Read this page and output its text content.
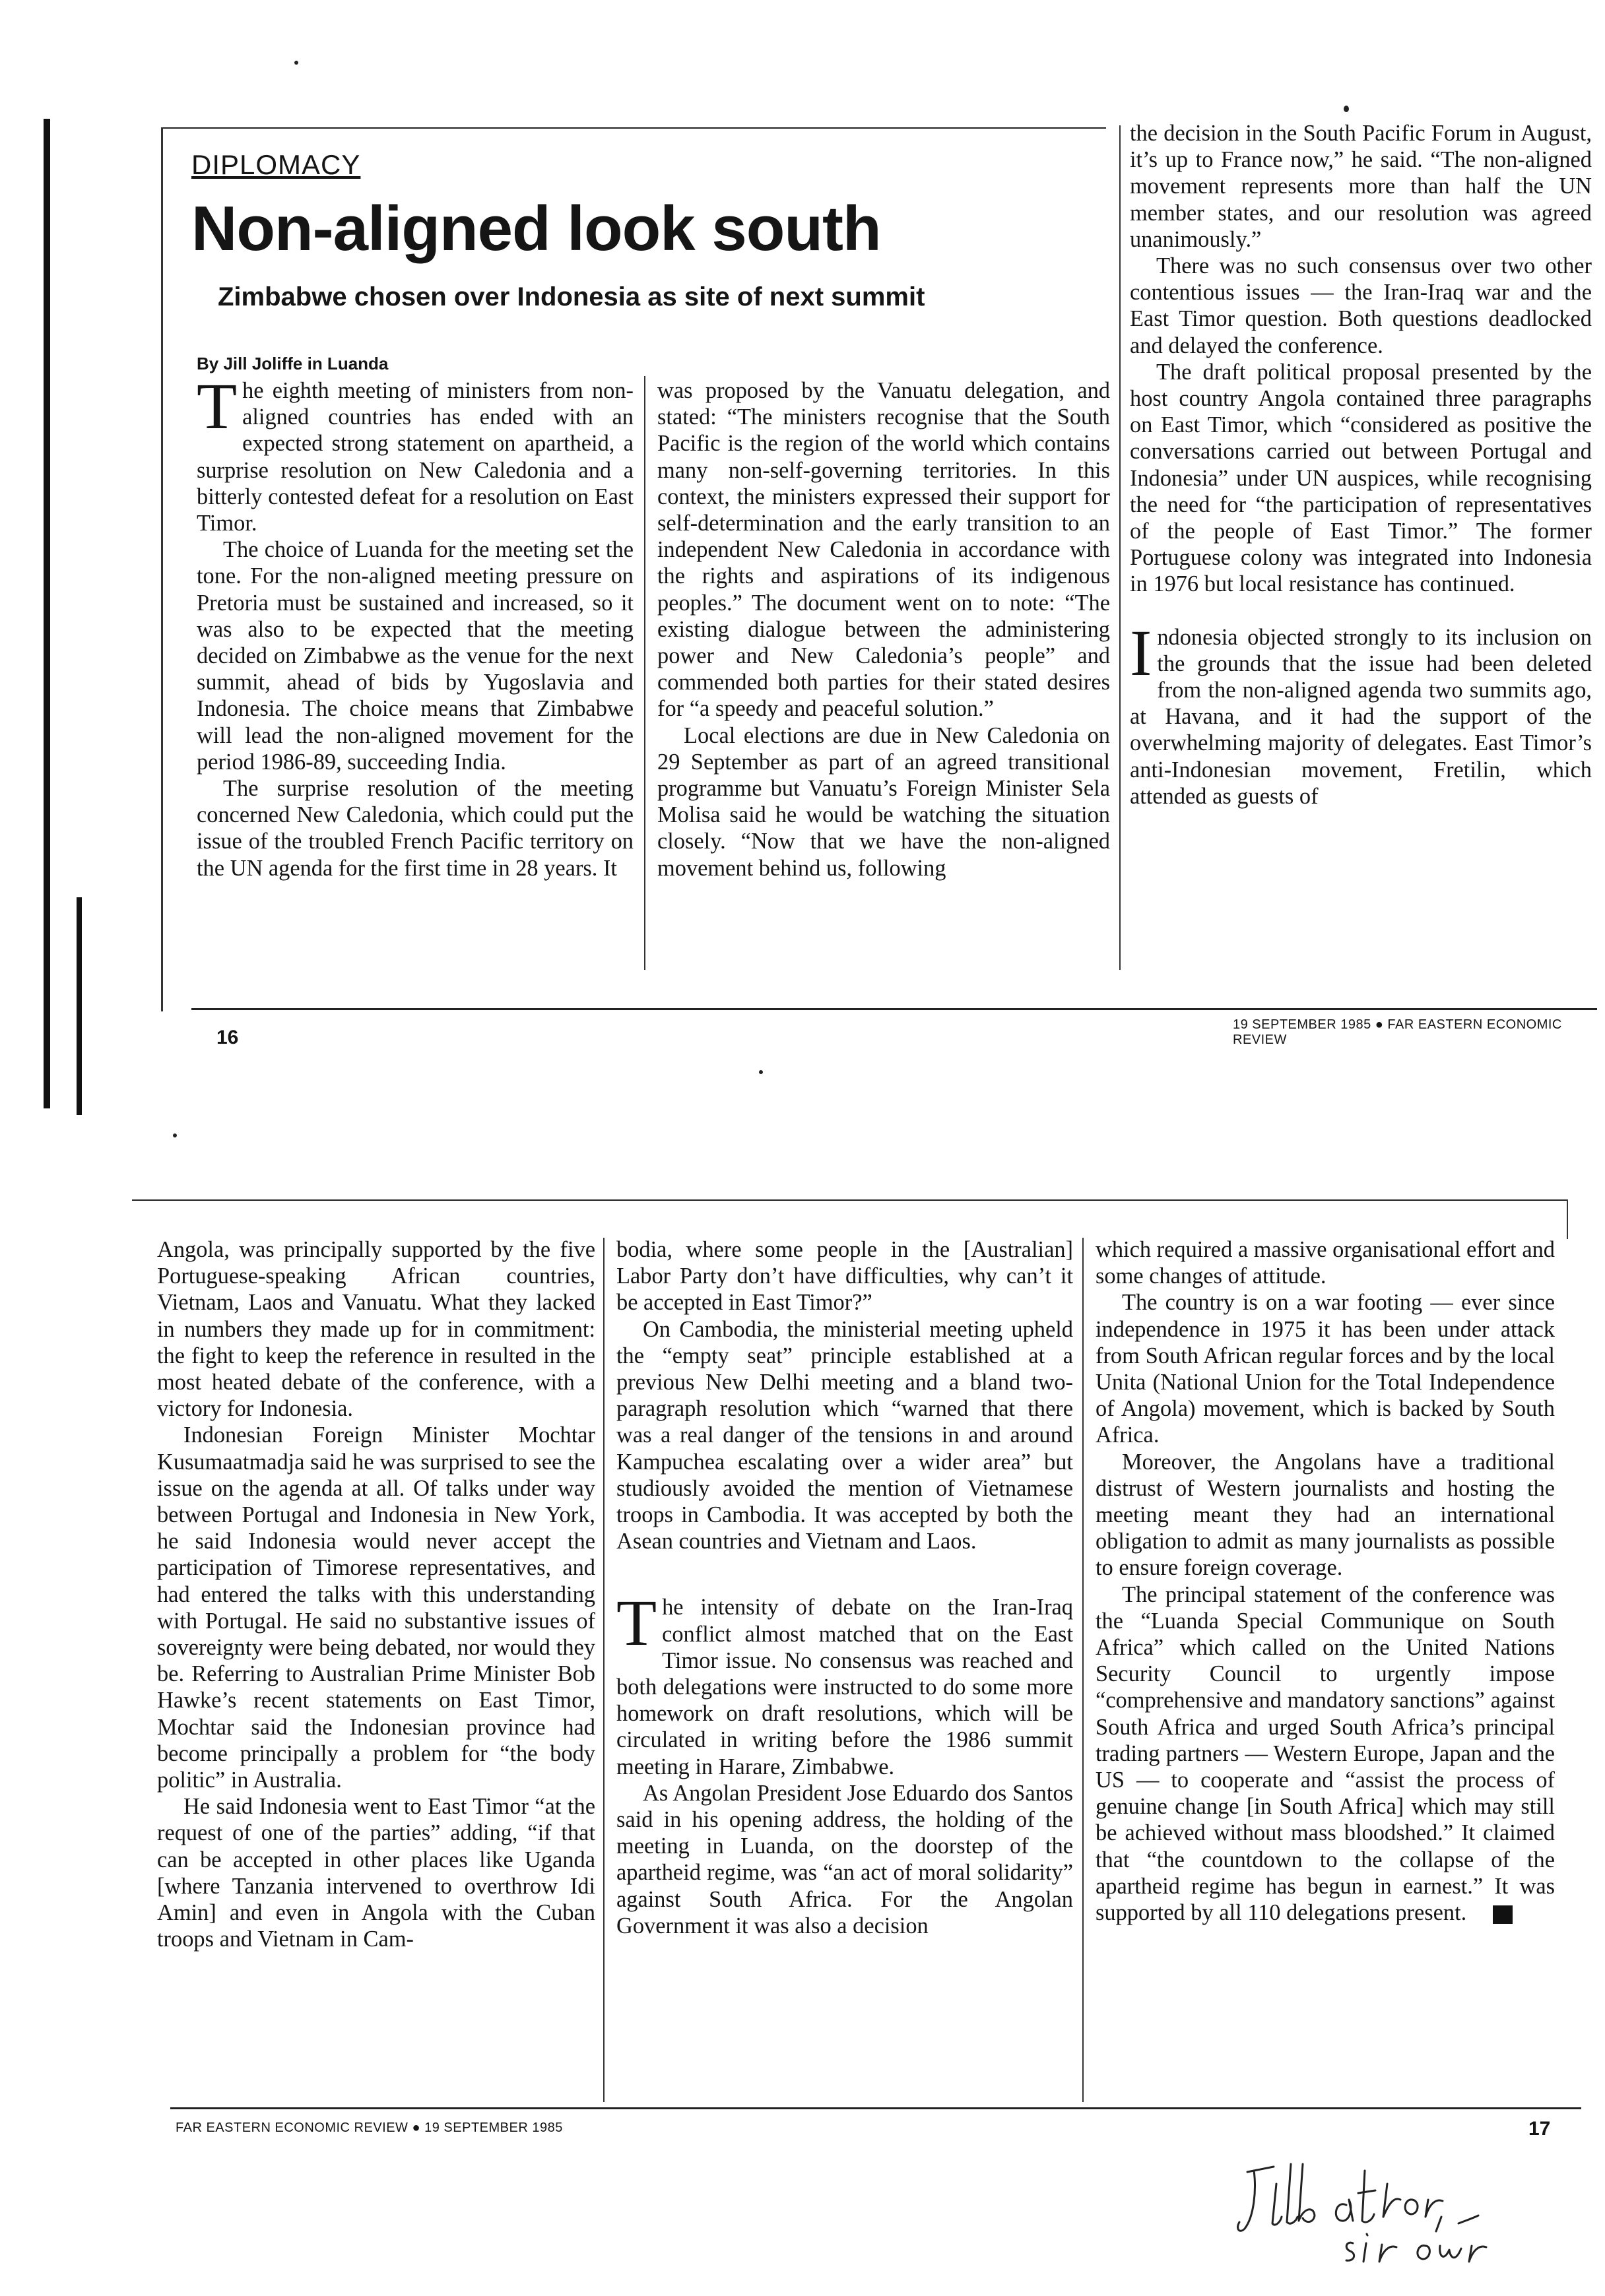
DIPLOMACY
Non-aligned look south
Zimbabwe chosen over Indonesia as site of next summit
By Jill Joliffe in Luanda

The eighth meeting of ministers from non-aligned countries has ended with an expected strong statement on apartheid, a surprise resolution on New Caledonia and a bitterly contested defeat for a resolution on East Timor.

The choice of Luanda for the meeting set the tone. For the non-aligned meeting pressure on Pretoria must be sustained and increased, so it was also to be expected that the meeting decided on Zimbabwe as the venue for the next summit, ahead of bids by Yugoslavia and Indonesia. The choice means that Zimbabwe will lead the non-aligned movement for the period 1986-89, succeeding India.

The surprise resolution of the meeting concerned New Caledonia, which could put the issue of the troubled French Pacific territory on the UN agenda for the first time in 28 years. It

was proposed by the Vanuatu delegation, and stated: “The ministers recognise that the South Pacific is the region of the world which contains many non-self-governing territories. In this context, the ministers expressed their support for self-determination and the early transition to an independent New Caledonia in accordance with the rights and aspirations of its indigenous peoples.” The document went on to note: “The existing dialogue between the administering power and New Caledonia’s people” and commended both parties for their stated desires for “a speedy and peaceful solution.”

Local elections are due in New Caledonia on 29 September as part of an agreed transitional programme but Vanuatu’s Foreign Minister Sela Molisa said he would be watching the situation closely. “Now that we have the non-aligned movement behind us, following

the decision in the South Pacific Forum in August, it’s up to France now,” he said. “The non-aligned movement represents more than half the UN member states, and our resolution was agreed unanimously.”

There was no such consensus over two other contentious issues — the Iran-Iraq war and the East Timor question. Both questions deadlocked and delayed the conference.

The draft political proposal presented by the host country Angola contained three paragraphs on East Timor, which “considered as positive the conversations carried out between Portugal and Indonesia” under UN auspices, while recognising the need for “the participation of representatives of the people of East Timor.” The former Portuguese colony was integrated into Indonesia in 1976 but local resistance has continued.

Indonesia objected strongly to its inclusion on the grounds that the issue had been deleted from the non-aligned agenda two summits ago, at Havana, and it had the support of the overwhelming majority of delegates. East Timor’s anti-Indonesian movement, Fretilin, which attended as guests of

19 SEPTEMBER 1985 ● FAR EASTERN ECONOMIC REVIEW
16

Angola, was principally supported by the five Portuguese-speaking African countries, Vietnam, Laos and Vanuatu. What they lacked in numbers they made up for in commitment: the fight to keep the reference in resulted in the most heated debate of the conference, with a victory for Indonesia.

Indonesian Foreign Minister Mochtar Kusumaatmadja said he was surprised to see the issue on the agenda at all. Of talks under way between Portugal and Indonesia in New York, he said Indonesia would never accept the participation of Timorese representatives, and had entered the talks with this understanding with Portugal. He said no substantive issues of sovereignty were being debated, nor would they be. Referring to Australian Prime Minister Bob Hawke’s recent statements on East Timor, Mochtar said the Indonesian province had become principally a problem for “the body politic” in Australia.

He said Indonesia went to East Timor “at the request of one of the parties” adding, “if that can be accepted in other places like Uganda [where Tanzania intervened to overthrow Idi Amin] and even in Angola with the Cuban troops and Vietnam in Cam-

bodia, where some people in the [Australian] Labor Party don’t have difficulties, why can’t it be accepted in East Timor?”

On Cambodia, the ministerial meeting upheld the “empty seat” principle established at a previous New Delhi meeting and a bland two-paragraph resolution which “warned that there was a real danger of the tensions in and around Kampuchea escalating over a wider area” but studiously avoided the mention of Vietnamese troops in Cambodia. It was accepted by both the Asean countries and Vietnam and Laos.

The intensity of debate on the Iran-Iraq conflict almost matched that on the East Timor issue. No consensus was reached and both delegations were instructed to do some more homework on draft resolutions, which will be circulated in writing before the 1986 summit meeting in Harare, Zimbabwe.

As Angolan President Jose Eduardo dos Santos said in his opening address, the holding of the meeting in Luanda, on the doorstep of the apartheid regime, was “an act of moral solidarity” against South Africa. For the Angolan Government it was also a decision

which required a massive organisational effort and some changes of attitude.

The country is on a war footing — ever since independence in 1975 it has been under attack from South African regular forces and by the local Unita (National Union for the Total Independence of Angola) movement, which is backed by South Africa.

Moreover, the Angolans have a traditional distrust of Western journalists and hosting the meeting meant they had an international obligation to admit as many journalists as possible to ensure foreign coverage.

The principal statement of the conference was the “Luanda Special Communique on South Africa” which called on the United Nations Security Council to urgently impose “comprehensive and mandatory sanctions” against South Africa and urged South Africa’s principal trading partners — Western Europe, Japan and the US — to cooperate and “assist the process of genuine change [in South Africa] which may still be achieved without mass bloodshed.” It claimed that “the countdown to the collapse of the apartheid regime has begun in earnest.” It was supported by all 110 delegations present.	F

17
FAR EASTERN ECONOMIC REVIEW ● 19 SEPTEMBER 1985
